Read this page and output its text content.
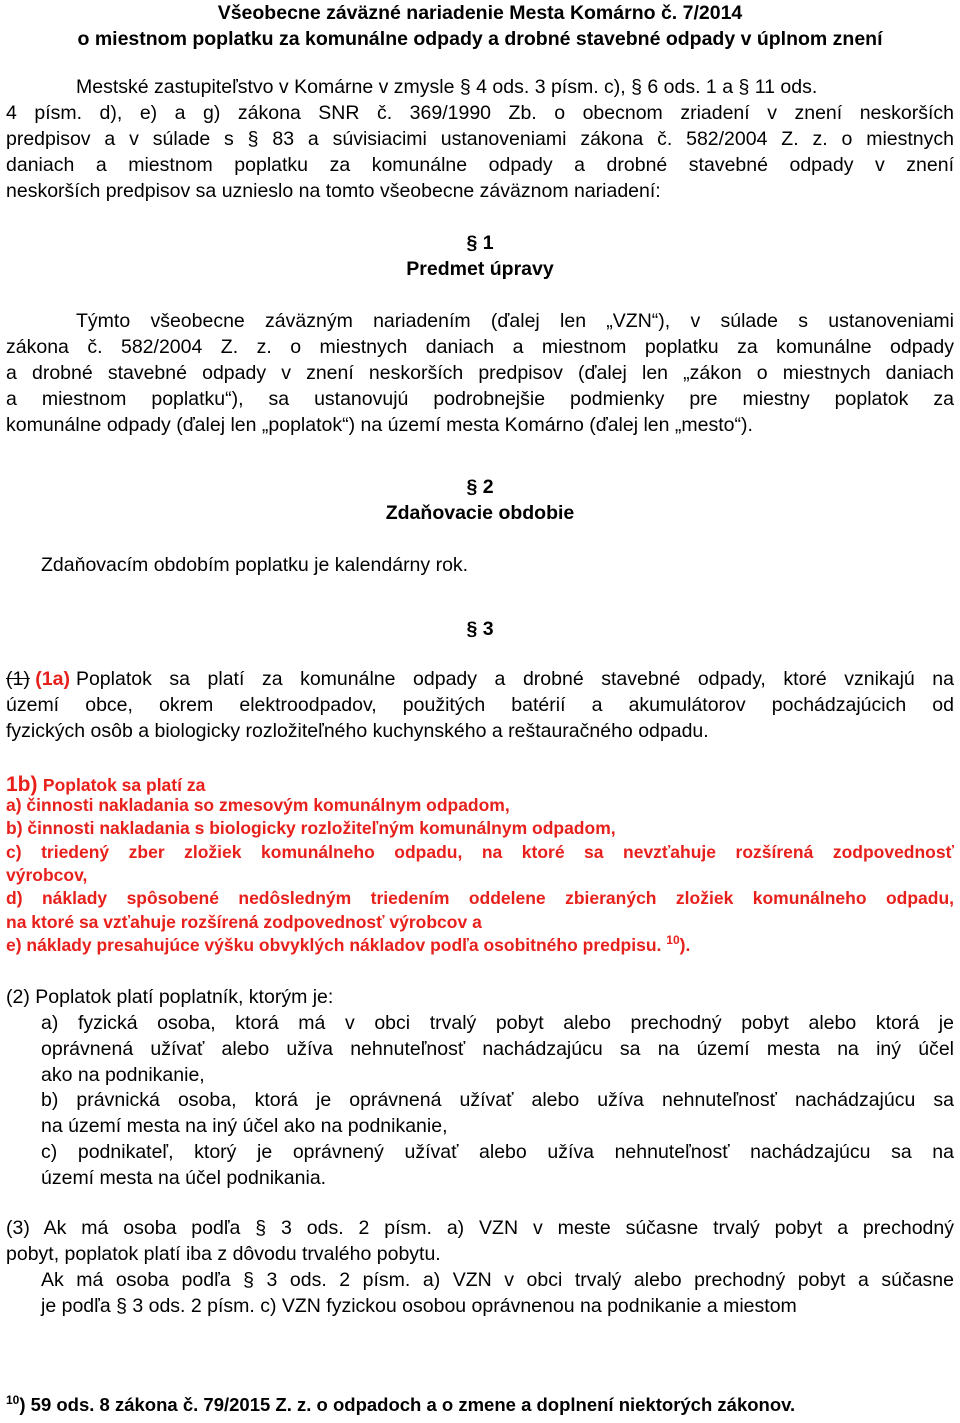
Všeobecne záväzné nariadenie Mesta Komárno č. 7/2014
o miestnom poplatku za komunálne odpady a drobné stavebné odpady v úplnom znení
Mestské zastupiteľstvo v Komárne v zmysle § 4 ods. 3 písm. c), § 6 ods. 1 a § 11 ods.
4 písm. d), e) a g) zákona SNR č. 369/1990 Zb. o obecnom zriadení v znení neskorších
predpisov a v súlade s § 83 a súvisiacimi ustanoveniami zákona č. 582/2004 Z. z. o miestnych
daniach a miestnom poplatku za komunálne odpady a drobné stavebné odpady v znení
neskorších predpisov sa uznieslo na tomto všeobecne záväznom nariadení:
§ 1
Predmet úpravy
Týmto všeobecne záväzným nariadením (ďalej len „VZN“), v súlade s ustanoveniami
zákona č. 582/2004 Z. z. o miestnych daniach a miestnom poplatku za komunálne odpady
a drobné stavebné odpady v znení neskorších predpisov (ďalej len „zákon o miestnych daniach
a miestnom poplatku“), sa ustanovujú podrobnejšie podmienky pre miestny poplatok za
komunálne odpady (ďalej len „poplatok“) na území mesta Komárno (ďalej len „mesto“).
§ 2
Zdaňovacie obdobie
Zdaňovacím obdobím poplatku je kalendárny rok.
§ 3
(1) (1a) Poplatok sa platí za komunálne odpady a drobné stavebné odpady, ktoré vznikajú na
území obce, okrem elektroodpadov, použitých batérií a akumulátorov pochádzajúcich od
fyzických osôb a biologicky rozložiteľného kuchynského a reštauračného odpadu.
1b) Poplatok sa platí za
a) činnosti nakladania so zmesovým komunálnym odpadom,
b) činnosti nakladania s biologicky rozložiteľným komunálnym odpadom,
c) triedený zber zložiek komunálneho odpadu, na ktoré sa nevzťahuje rozšírená zodpovednosť
výrobcov,
d) náklady spôsobené nedôsledným triedením oddelene zbieraných zložiek komunálneho odpadu,
na ktoré sa vzťahuje rozšírená zodpovednosť výrobcov a
e) náklady presahujúce výšku obvyklých nákladov podľa osobitného predpisu. $^{10}$).
(2) Poplatok platí poplatník, ktorým je:
a) fyzická osoba, ktorá má v obci trvalý pobyt alebo prechodný pobyt alebo ktorá je
oprávnená užívať alebo užíva nehnuteľnosť nachádzajúcu sa na území mesta na iný účel
ako na podnikanie,
b) právnická osoba, ktorá je oprávnená užívať alebo užíva nehnuteľnosť nachádzajúcu sa
na území mesta na iný účel ako na podnikanie,
c) podnikateľ, ktorý je oprávnený užívať alebo užíva nehnuteľnosť nachádzajúcu sa na
území mesta na účel podnikania.
(3) Ak má osoba podľa § 3 ods. 2 písm. a) VZN v meste súčasne trvalý pobyt a prechodný
pobyt, poplatok platí iba z dôvodu trvalého pobytu.
Ak má osoba podľa § 3 ods. 2 písm. a) VZN v obci trvalý alebo prechodný pobyt a súčasne
je podľa § 3 ods. 2 písm. c) VZN fyzickou osobou oprávnenou na podnikanie a miestom
$^{10}$) 59 ods. 8 zákona č. 79/2015 Z. z. o odpadoch a o zmene a doplnení niektorých zákonov.
